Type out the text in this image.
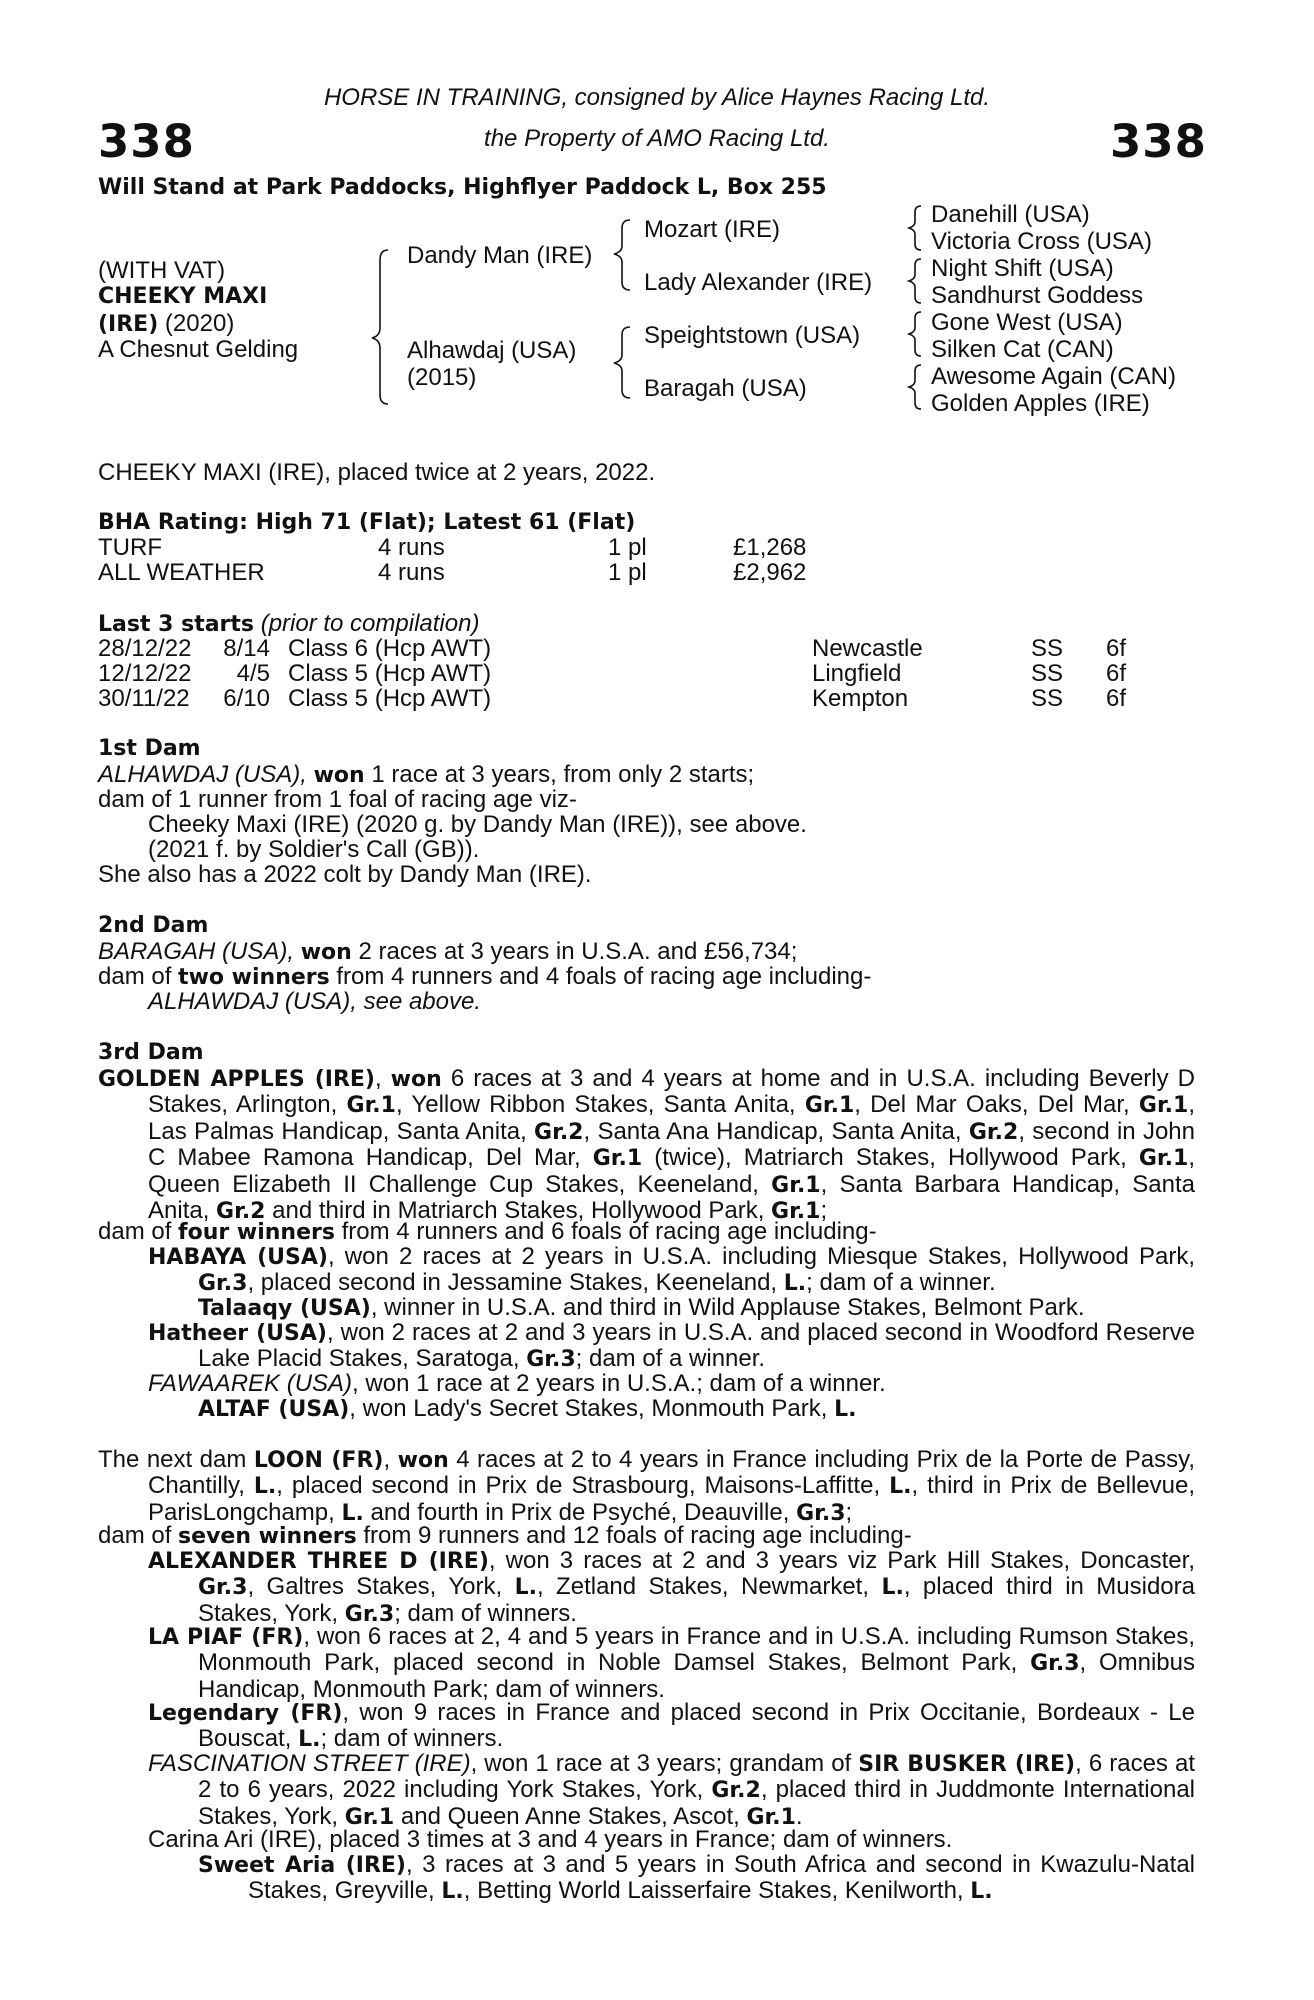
338	338
HORSE IN TRAINING, consigned by Alice Haynes Racing Ltd.
the Property of AMO Racing Ltd.
Will Stand at Park Paddocks, Highflyer Paddock L, Box 255
(WITH VAT)
CHEEKY MAXI
(IRE) (2020)
A Chesnut Gelding
Dandy Man (IRE)
Alhawdaj (USA)
(2015)
Mozart (IRE)
Lady Alexander (IRE)
Speightstown (USA)
Baragah (USA)
Danehill (USA)
Victoria Cross (USA)
Night Shift (USA)
Sandhurst Goddess
Gone West (USA)
Silken Cat (CAN)
Awesome Again (CAN)
Golden Apples (IRE)
CHEEKY MAXI (IRE), placed twice at 2 years, 2022.
BHA Rating: High 71 (Flat); Latest 61 (Flat)
TURF	4 runs	1 pl	£1,268
ALL WEATHER	4 runs	1 pl	£2,962
Last 3 starts (prior to compilation)
28/12/22 8/14 Class 6 (Hcp AWT)	Newcastle	SS 6f
12/12/22	4/5 Class 5 (Hcp AWT)	Lingfield	SS 6f
30/11/22 6/10 Class 5 (Hcp AWT)	Kempton	SS 6f
1st Dam
ALHAWDAJ (USA), won 1 race at 3 years, from only 2 starts;
dam of 1 runner from 1 foal of racing age viz-
Cheeky Maxi (IRE) (2020 g. by Dandy Man (IRE)), see above.
(2021 f. by Soldier's Call (GB)).
She also has a 2022 colt by Dandy Man (IRE).
2nd Dam
BARAGAH (USA), won 2 races at 3 years in U.S.A. and £56,734;
dam of two winners from 4 runners and 4 foals of racing age including-
ALHAWDAJ (USA), see above.
3rd Dam
GOLDEN APPLES (IRE), won 6 races at 3 and 4 years at home and in U.S.A. including Beverly D Stakes, Arlington, Gr.1, Yellow Ribbon Stakes, Santa Anita, Gr.1, Del Mar Oaks, Del Mar, Gr.1, Las Palmas Handicap, Santa Anita, Gr.2, Santa Ana Handicap, Santa Anita, Gr.2, second in John C Mabee Ramona Handicap, Del Mar, Gr.1 (twice), Matriarch Stakes, Hollywood Park, Gr.1, Queen Elizabeth II Challenge Cup Stakes, Keeneland, Gr.1, Santa Barbara Handicap, Santa Anita, Gr.2 and third in Matriarch Stakes, Hollywood Park, Gr.1;
dam of four winners from 4 runners and 6 foals of racing age including-
HABAYA (USA), won 2 races at 2 years in U.S.A. including Miesque Stakes, Hollywood Park, Gr.3, placed second in Jessamine Stakes, Keeneland, L.; dam of a winner.
Talaaqy (USA), winner in U.S.A. and third in Wild Applause Stakes, Belmont Park.
Hatheer (USA), won 2 races at 2 and 3 years in U.S.A. and placed second in Woodford Reserve Lake Placid Stakes, Saratoga, Gr.3; dam of a winner.
FAWAAREK (USA), won 1 race at 2 years in U.S.A.; dam of a winner.
ALTAF (USA), won Lady's Secret Stakes, Monmouth Park, L.
The next dam LOON (FR), won 4 races at 2 to 4 years in France including Prix de la Porte de Passy, Chantilly, L., placed second in Prix de Strasbourg, Maisons-Laffitte, L., third in Prix de Bellevue, ParisLongchamp, L. and fourth in Prix de Psyché, Deauville, Gr.3;
dam of seven winners from 9 runners and 12 foals of racing age including-
ALEXANDER THREE D (IRE), won 3 races at 2 and 3 years viz Park Hill Stakes, Doncaster, Gr.3, Galtres Stakes, York, L., Zetland Stakes, Newmarket, L., placed third in Musidora Stakes, York, Gr.3; dam of winners.
LA PIAF (FR), won 6 races at 2, 4 and 5 years in France and in U.S.A. including Rumson Stakes, Monmouth Park, placed second in Noble Damsel Stakes, Belmont Park, Gr.3, Omnibus Handicap, Monmouth Park; dam of winners.
Legendary (FR), won 9 races in France and placed second in Prix Occitanie, Bordeaux - Le Bouscat, L.; dam of winners.
FASCINATION STREET (IRE), won 1 race at 3 years; grandam of SIR BUSKER (IRE), 6 races at 2 to 6 years, 2022 including York Stakes, York, Gr.2, placed third in Juddmonte International Stakes, York, Gr.1 and Queen Anne Stakes, Ascot, Gr.1.
Carina Ari (IRE), placed 3 times at 3 and 4 years in France; dam of winners.
Sweet Aria (IRE), 3 races at 3 and 5 years in South Africa and second in Kwazulu-Natal Stakes, Greyville, L., Betting World Laisserfaire Stakes, Kenilworth, L.
